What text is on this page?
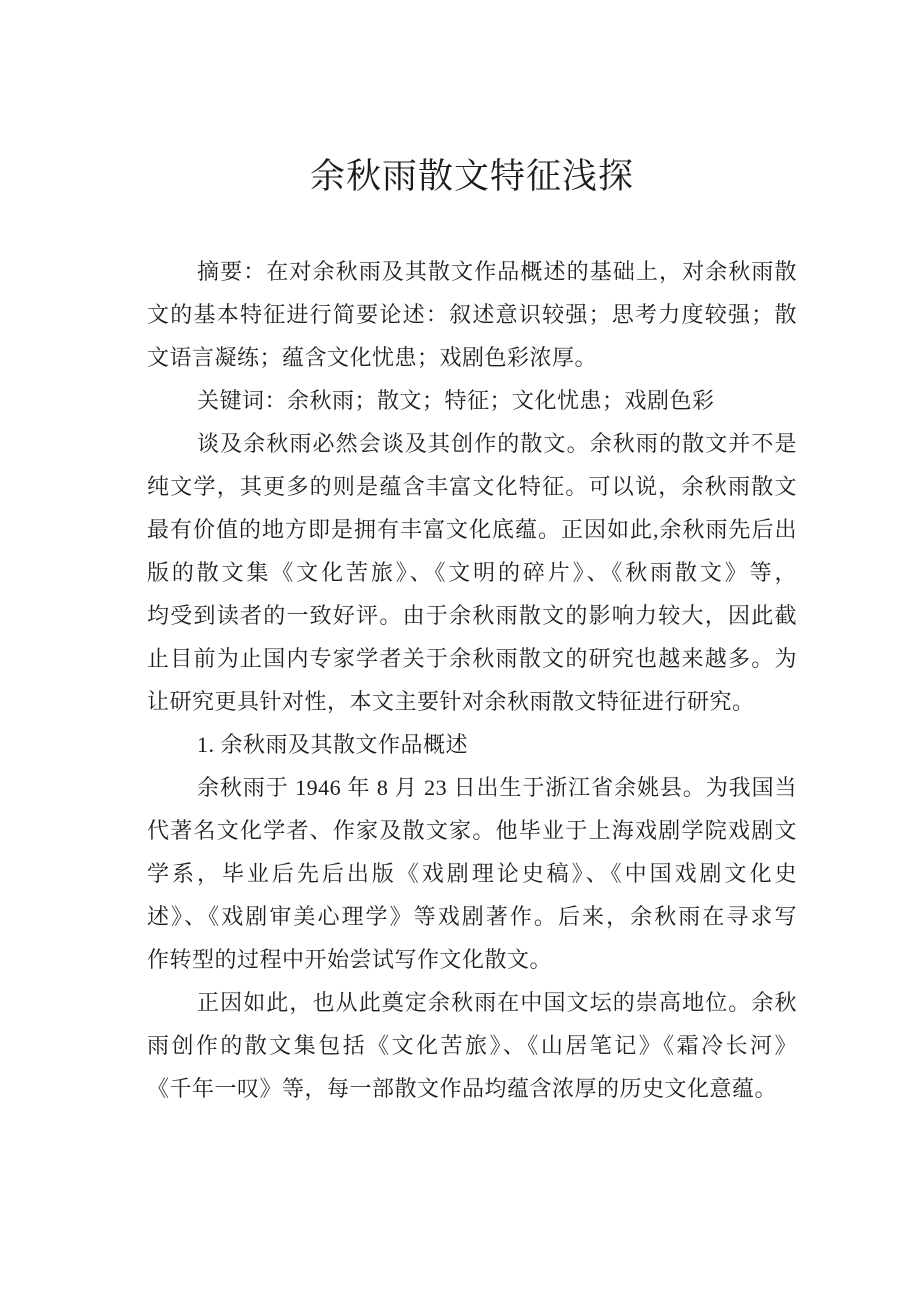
余秋雨散文特征浅探
摘要：在对余秋雨及其散文作品概述的基础上，对余秋雨散
文的基本特征进行简要论述：叙述意识较强；思考力度较强；散
文语言凝练；蕴含文化忧患；戏剧色彩浓厚。
关键词：余秋雨；散文；特征；文化忧患；戏剧色彩
谈及余秋雨必然会谈及其创作的散文。余秋雨的散文并不是
纯文学，其更多的则是蕴含丰富文化特征。可以说，余秋雨散文
最有价值的地方即是拥有丰富文化底蕴。正因如此,余秋雨先后出
版的散文集《文化苦旅》、《文明的碎片》、《秋雨散文》等，
均受到读者的一致好评。由于余秋雨散文的影响力较大，因此截
止目前为止国内专家学者关于余秋雨散文的研究也越来越多。为
让研究更具针对性，本文主要针对余秋雨散文特征进行研究。
1. 余秋雨及其散文作品概述
余秋雨于 1946 年 8 月 23 日出生于浙江省余姚县。为我国当
代著名文化学者、作家及散文家。他毕业于上海戏剧学院戏剧文
学系，毕业后先后出版《戏剧理论史稿》、《中国戏剧文化史
述》、《戏剧审美心理学》等戏剧著作。后来，余秋雨在寻求写
作转型的过程中开始尝试写作文化散文。
正因如此，也从此奠定余秋雨在中国文坛的崇高地位。余秋
雨创作的散文集包括《文化苦旅》、《山居笔记》《霜冷长河》
《千年一叹》等，每一部散文作品均蕴含浓厚的历史文化意蕴。
